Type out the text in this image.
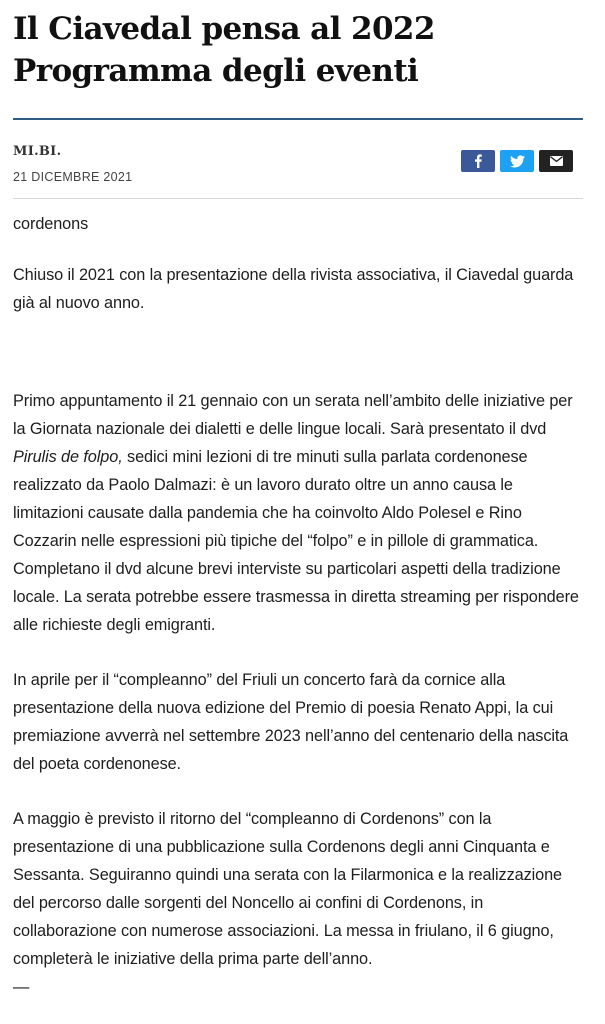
Il Ciavedal pensa al 2022
Programma degli eventi
MI.BI.
21 DICEMBRE 2021

cordenons

Chiuso il 2021 con la presentazione della rivista associativa, il Ciavedal guarda già al nuovo anno.

Primo appuntamento il 21 gennaio con un serata nell’ambito delle iniziative per la Giornata nazionale dei dialetti e delle lingue locali. Sarà presentato il dvd Pirulis de folpo, sedici mini lezioni di tre minuti sulla parlata cordenonese realizzato da Paolo Dalmazi: è un lavoro durato oltre un anno causa le limitazioni causate dalla pandemia che ha coinvolto Aldo Polesel e Rino Cozzarin nelle espressioni più tipiche del “folpo” e in pillole di grammatica. Completano il dvd alcune brevi interviste su particolari aspetti della tradizione locale. La serata potrebbe essere trasmessa in diretta streaming per rispondere alle richieste degli emigranti.

In aprile per il “compleanno” del Friuli un concerto farà da cornice alla presentazione della nuova edizione del Premio di poesia Renato Appi, la cui premiazione avverrà nel settembre 2023 nell’anno del centenario della nascita del poeta cordenonese.

A maggio è previsto il ritorno del “compleanno di Cordenons” con la presentazione di una pubblicazione sulla Cordenons degli anni Cinquanta e Sessanta. Seguiranno quindi una serata con la Filarmonica e la realizzazione del percorso dalle sorgenti del Noncello ai confini di Cordenons, in collaborazione con numerose associazioni. La messa in friulano, il 6 giugno, completerà le iniziative della prima parte dell’anno.

—
